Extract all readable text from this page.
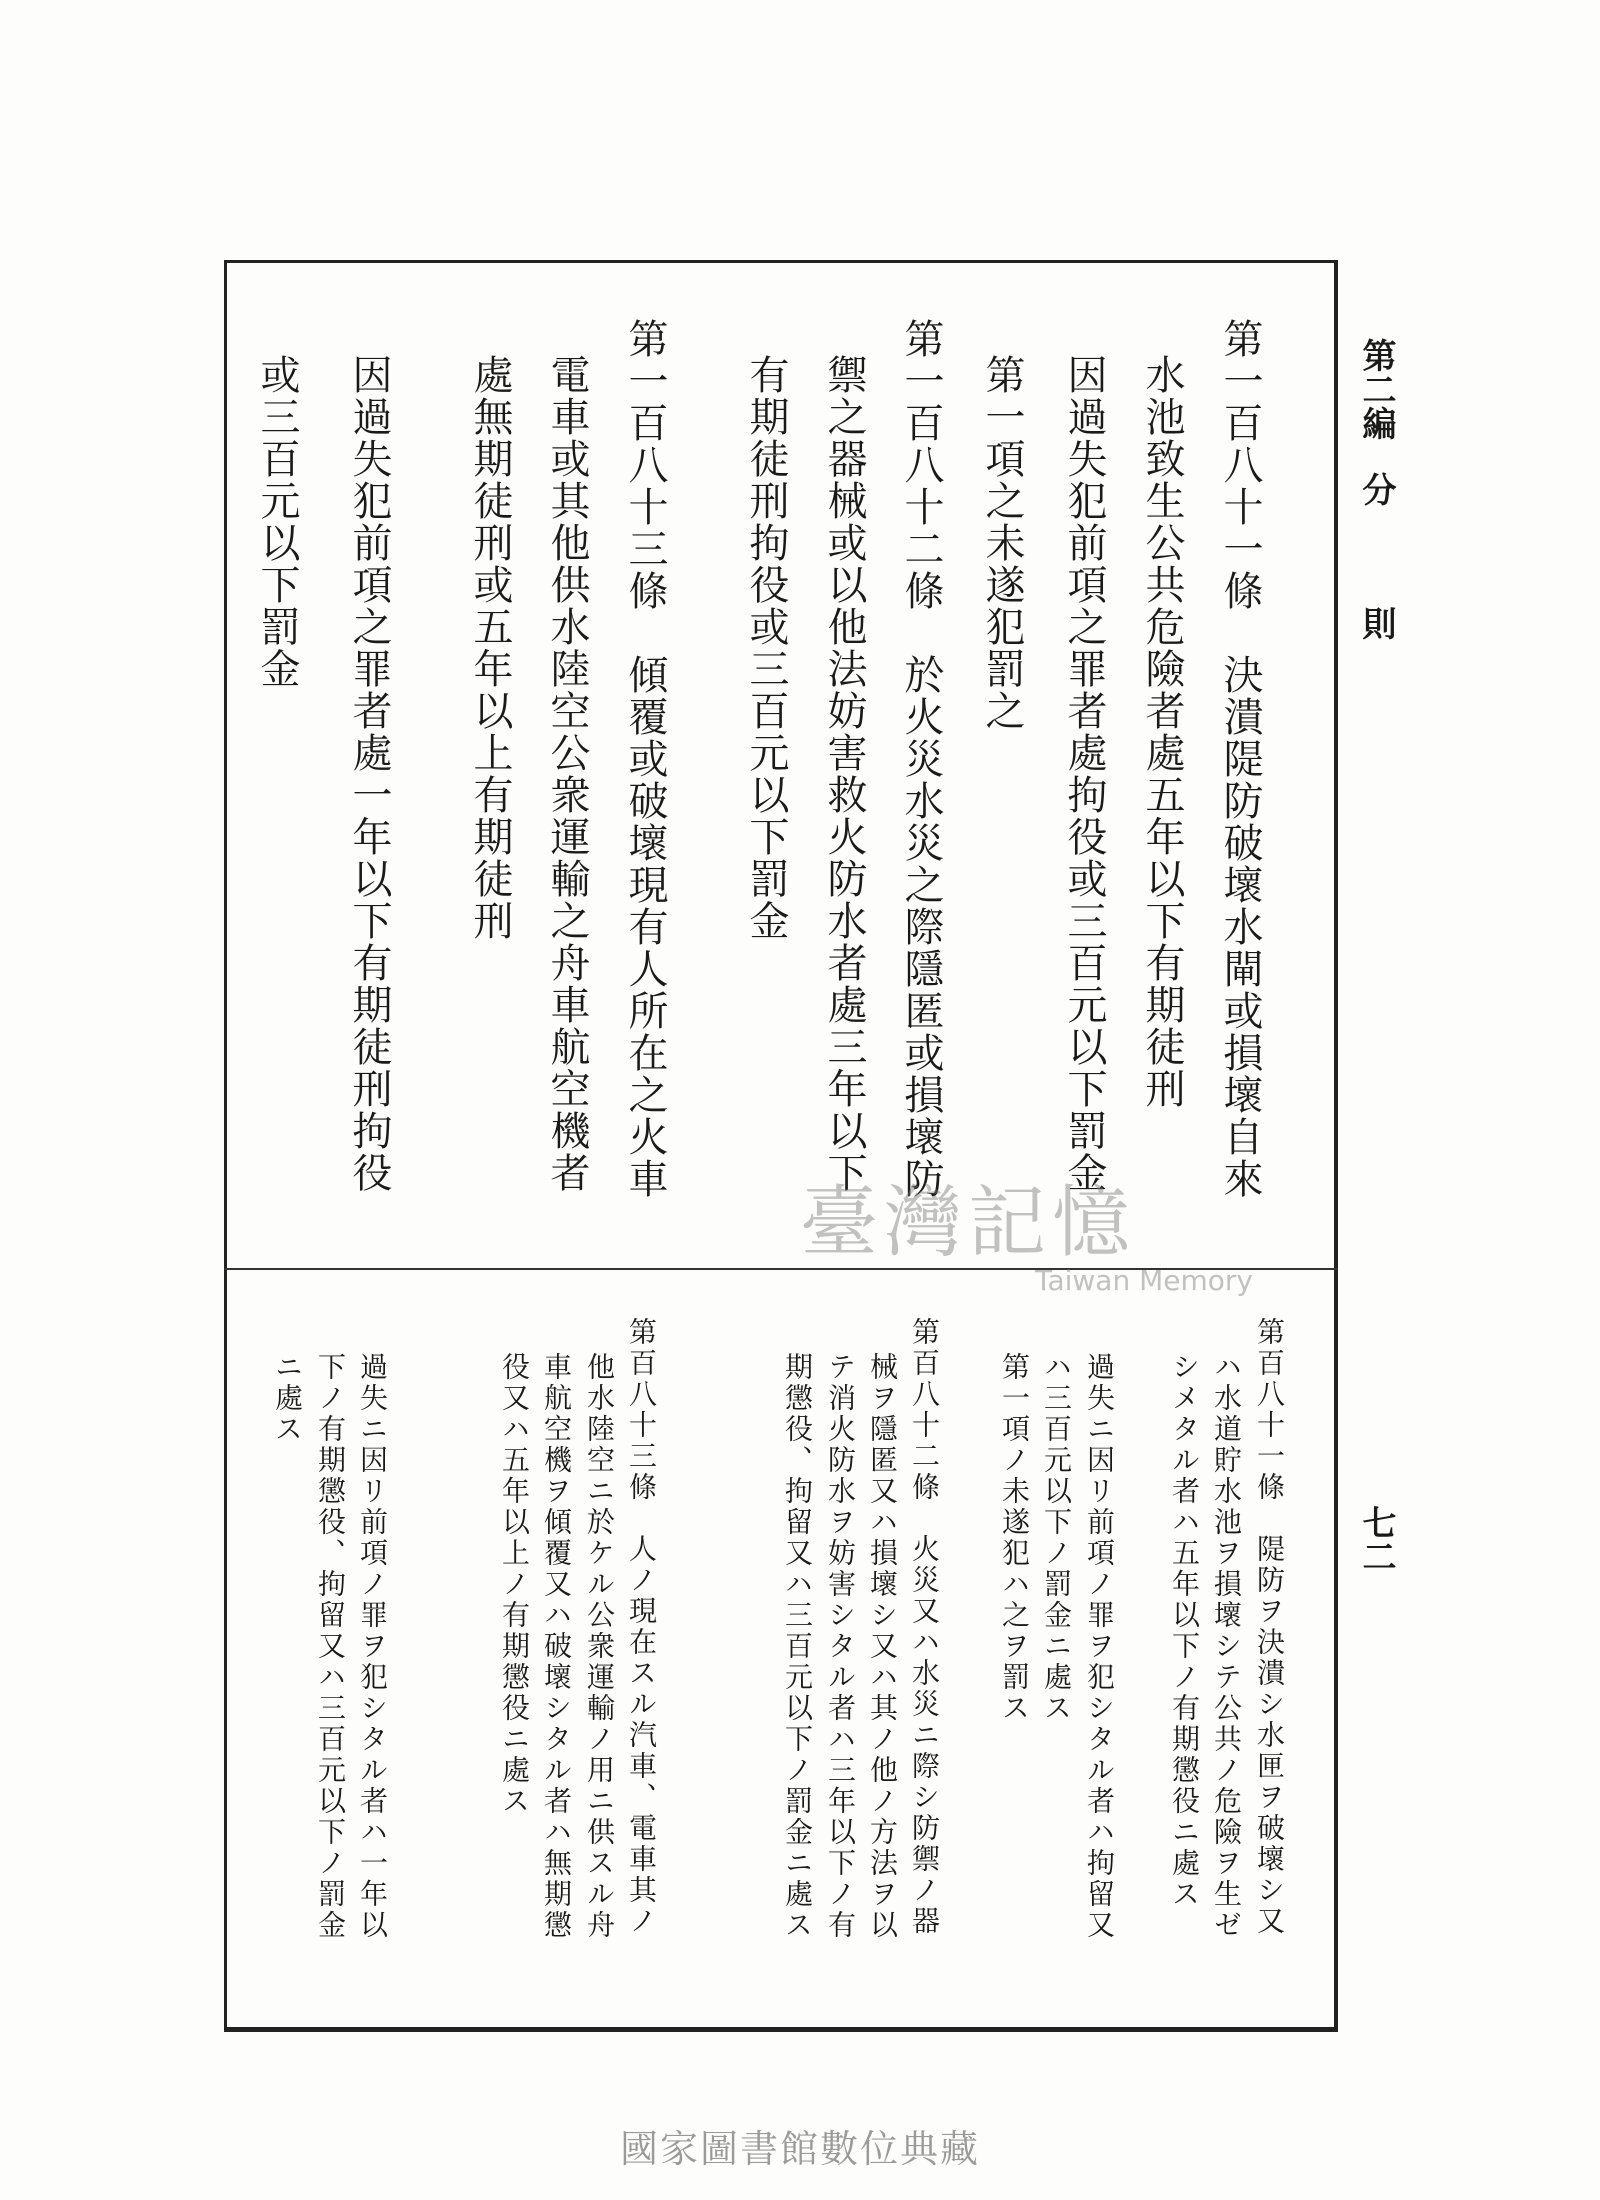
第二編
分
則
七二
第一百八十一條　決潰隄防破壞水閘或損壞自來
水池致生公共危險者處五年以下有期徒刑
因過失犯前項之罪者處拘役或三百元以下罰金
第一項之未遂犯罰之
第一百八十二條　於火災水災之際隱匿或損壞防
禦之器械或以他法妨害救火防水者處三年以下
有期徒刑拘役或三百元以下罰金
第一百八十三條　傾覆或破壞現有人所在之火車
電車或其他供水陸空公衆運輸之舟車航空機者
處無期徒刑或五年以上有期徒刑
因過失犯前項之罪者處一年以下有期徒刑拘役
或三百元以下罰金
第百八十一條　隄防ヲ決潰シ水匣ヲ破壞シ又
ハ水道貯水池ヲ損壞シテ公共ノ危險ヲ生ゼ
シメタル者ハ五年以下ノ有期懲役ニ處ス
過失ニ因リ前項ノ罪ヲ犯シタル者ハ拘留又
ハ三百元以下ノ罰金ニ處ス
第一項ノ未遂犯ハ之ヲ罰ス
第百八十二條　火災又ハ水災ニ際シ防禦ノ器
械ヲ隱匿又ハ損壞シ又ハ其ノ他ノ方法ヲ以
テ消火防水ヲ妨害シタル者ハ三年以下ノ有
期懲役、拘留又ハ三百元以下ノ罰金ニ處ス
第百八十三條　人ノ現在スル汽車、電車其ノ
他水陸空ニ於ケル公衆運輸ノ用ニ供スル舟
車航空機ヲ傾覆又ハ破壞シタル者ハ無期懲
役又ハ五年以上ノ有期懲役ニ處ス
過失ニ因リ前項ノ罪ヲ犯シタル者ハ一年以
下ノ有期懲役、拘留又ハ三百元以下ノ罰金
ニ處ス
臺灣記憶
Taiwan Memory
國家圖書館數位典藏
